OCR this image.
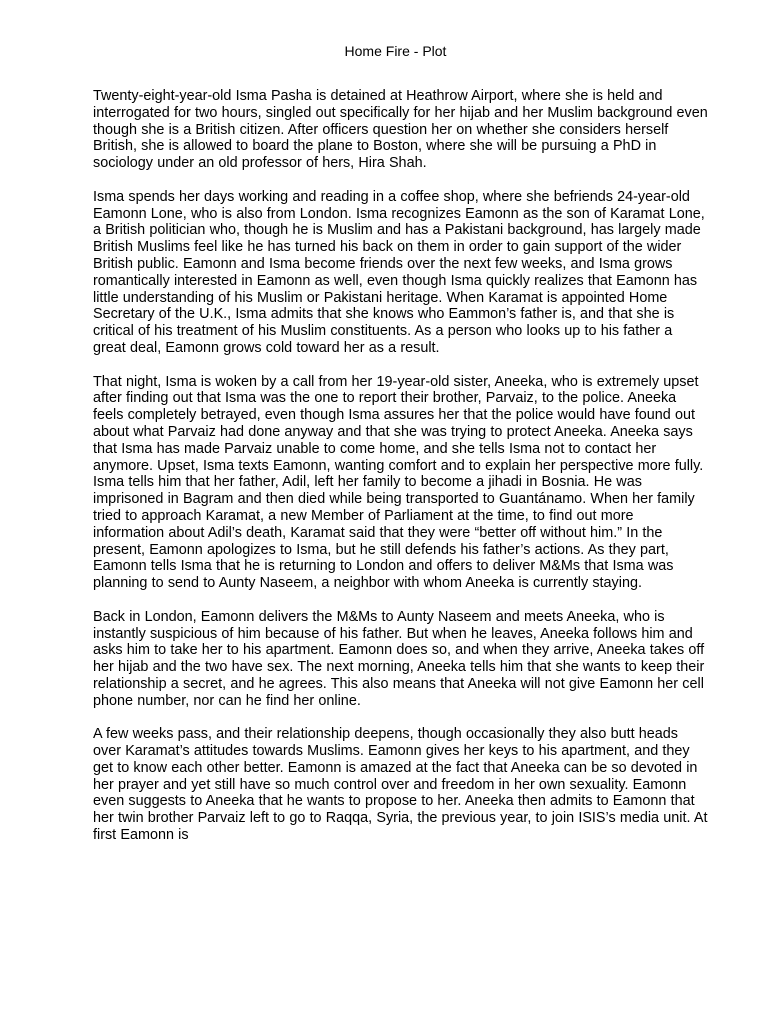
Home Fire - Plot

Twenty-eight-year-old Isma Pasha is detained at Heathrow Airport, where she is held and interrogated for two hours, singled out specifically for her hijab and her Muslim background even though she is a British citizen. After officers question her on whether she considers herself British, she is allowed to board the plane to Boston, where she will be pursuing a PhD in sociology under an old professor of hers, Hira Shah.

Isma spends her days working and reading in a coffee shop, where she befriends 24-year-old Eamonn Lone, who is also from London. Isma recognizes Eamonn as the son of Karamat Lone, a British politician who, though he is Muslim and has a Pakistani background, has largely made British Muslims feel like he has turned his back on them in order to gain support of the wider British public. Eamonn and Isma become friends over the next few weeks, and Isma grows romantically interested in Eamonn as well, even though Isma quickly realizes that Eamonn has little understanding of his Muslim or Pakistani heritage. When Karamat is appointed Home Secretary of the U.K., Isma admits that she knows who Eammon’s father is, and that she is critical of his treatment of his Muslim constituents. As a person who looks up to his father a great deal, Eamonn grows cold toward her as a result.

That night, Isma is woken by a call from her 19-year-old sister, Aneeka, who is extremely upset after finding out that Isma was the one to report their brother, Parvaiz, to the police. Aneeka feels completely betrayed, even though Isma assures her that the police would have found out about what Parvaiz had done anyway and that she was trying to protect Aneeka. Aneeka says that Isma has made Parvaiz unable to come home, and she tells Isma not to contact her anymore. Upset, Isma texts Eamonn, wanting comfort and to explain her perspective more fully. Isma tells him that her father, Adil, left her family to become a jihadi in Bosnia. He was imprisoned in Bagram and then died while being transported to Guantánamo. When her family tried to approach Karamat, a new Member of Parliament at the time, to find out more information about Adil’s death, Karamat said that they were “better off without him.” In the present, Eamonn apologizes to Isma, but he still defends his father’s actions. As they part, Eamonn tells Isma that he is returning to London and offers to deliver M&Ms that Isma was planning to send to Aunty Naseem, a neighbor with whom Aneeka is currently staying.

Back in London, Eamonn delivers the M&Ms to Aunty Naseem and meets Aneeka, who is instantly suspicious of him because of his father. But when he leaves, Aneeka follows him and asks him to take her to his apartment. Eamonn does so, and when they arrive, Aneeka takes off her hijab and the two have sex. The next morning, Aneeka tells him that she wants to keep their relationship a secret, and he agrees. This also means that Aneeka will not give Eamonn her cell phone number, nor can he find her online.

A few weeks pass, and their relationship deepens, though occasionally they also butt heads over Karamat’s attitudes towards Muslims. Eamonn gives her keys to his apartment, and they get to know each other better. Eamonn is amazed at the fact that Aneeka can be so devoted in her prayer and yet still have so much control over and freedom in her own sexuality. Eamonn even suggests to Aneeka that he wants to propose to her. Aneeka then admits to Eamonn that her twin brother Parvaiz left to go to Raqqa, Syria, the previous year, to join ISIS’s media unit. At first Eamonn is
